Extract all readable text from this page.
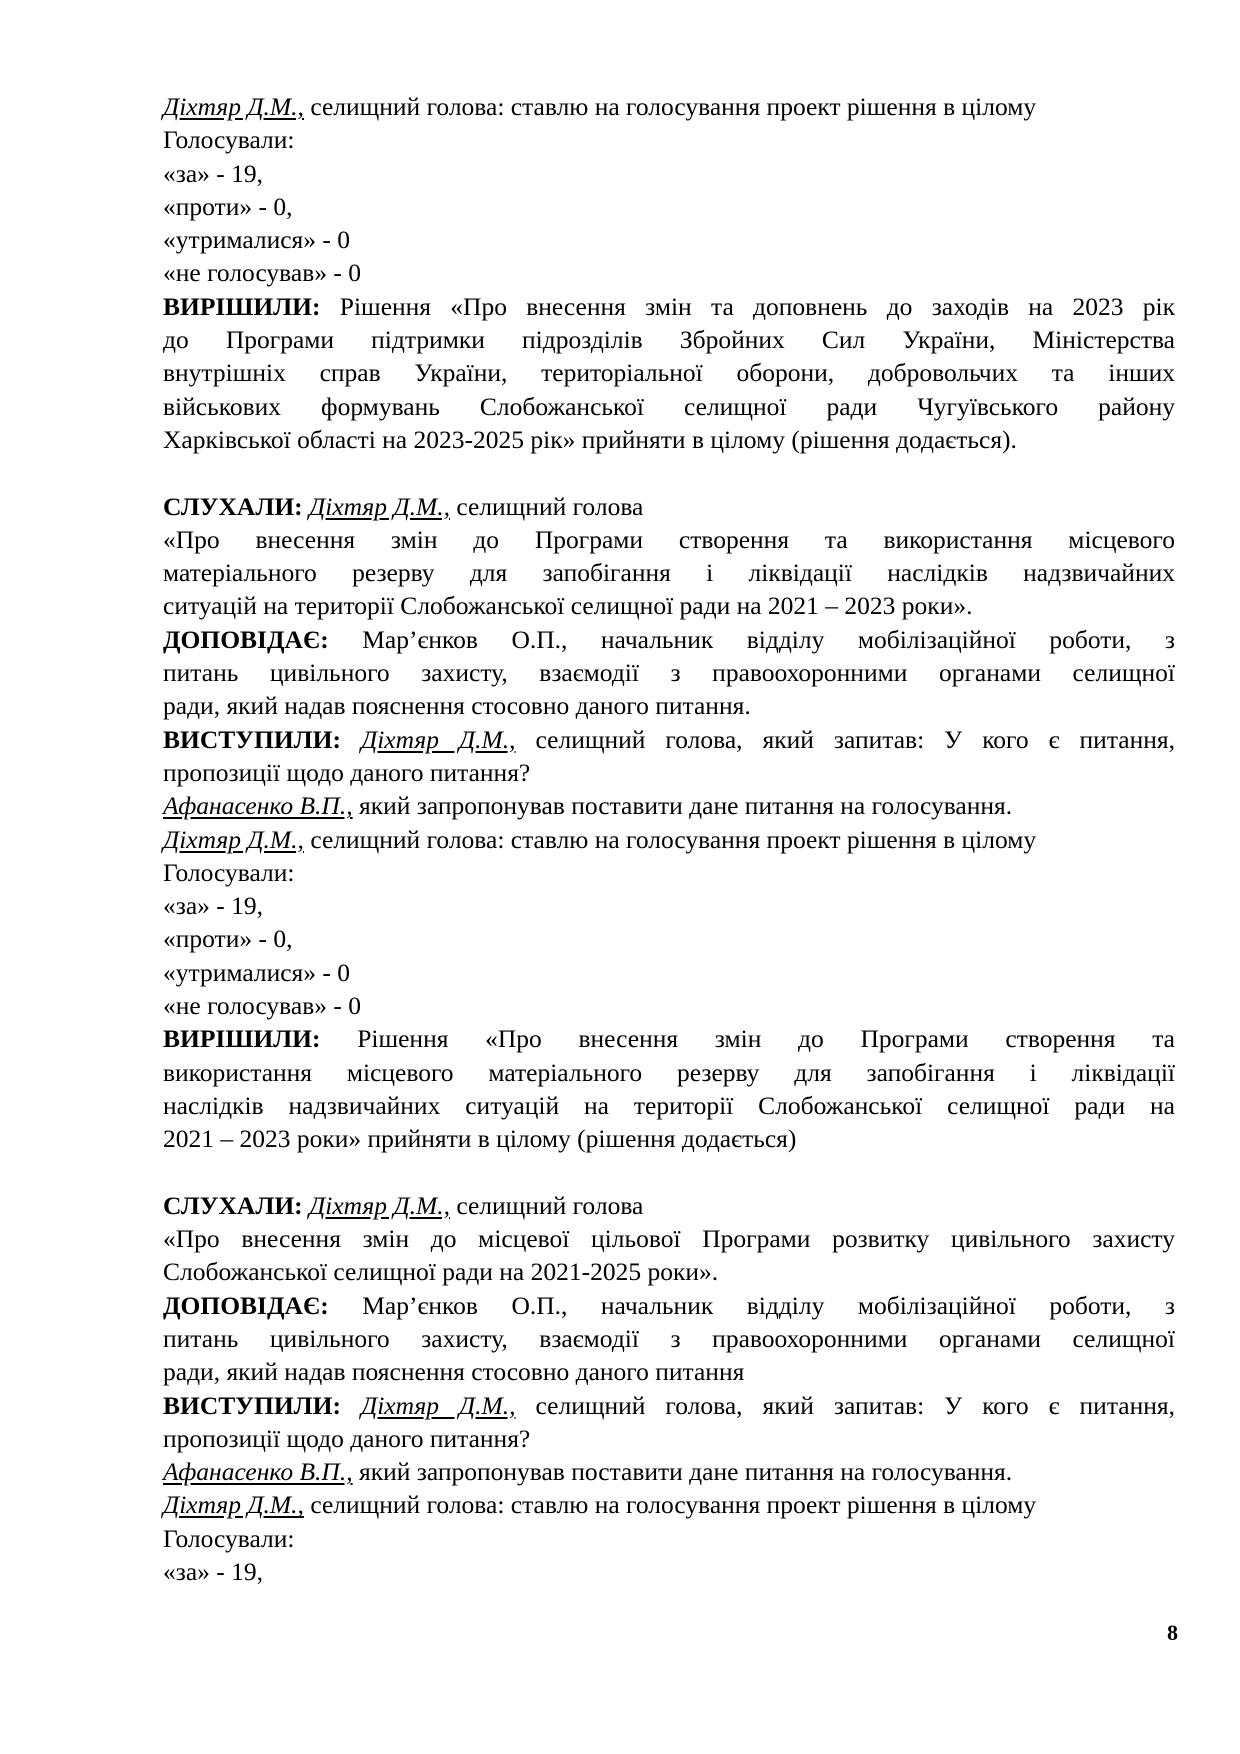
Діхтяр Д.М., селищний голова: ставлю на голосування проект рішення в цілому

Голосували:

«за» - 19,

«проти» - 0,

«утрималися» - 0

«не голосував» - 0

ВИРІШИЛИ: Рішення «Про внесення змін та доповнень до заходів на 2023 рік

до Програми підтримки підрозділів Збройних Сил України, Міністерства

внутрішніх справ України, територіальної оборони, добровольчих та інших

військових формувань Слобожанської селищної ради Чугуївського району

Харківської області на 2023-2025 рік» прийняти в цілому (рішення додається).

СЛУХАЛИ: Діхтяр Д.М., селищний голова

«Про внесення змін до Програми створення та використання місцевого

матеріального резерву для запобігання і ліквідації наслідків надзвичайних

ситуацій на території Слобожанської селищної ради на 2021 – 2023 роки».

ДОПОВІДАЄ: Мар’єнков О.П., начальник відділу мобілізаційної роботи, з

питань цивільного захисту, взаємодії з правоохоронними органами селищної

ради, який надав пояснення стосовно даного питання.

ВИСТУПИЛИ: Діхтяр Д.М., селищний голова, який запитав: У кого є питання,

пропозиції щодо даного питання?

Афанасенко В.П., який запропонував поставити дане питання на голосування.

Діхтяр Д.М., селищний голова: ставлю на голосування проект рішення в цілому

Голосували:

«за» - 19,

«проти» - 0,

«утрималися» - 0

«не голосував» - 0

ВИРІШИЛИ: Рішення «Про внесення змін до Програми створення та

використання місцевого матеріального резерву для запобігання і ліквідації

наслідків надзвичайних ситуацій на території Слобожанської селищної ради на

2021 – 2023 роки» прийняти в цілому (рішення додається)

СЛУХАЛИ: Діхтяр Д.М., селищний голова

«Про внесення змін до місцевої цільової Програми розвитку цивільного захисту

Слобожанської селищної ради на 2021-2025 роки».

ДОПОВІДАЄ: Мар’єнков О.П., начальник відділу мобілізаційної роботи, з

питань цивільного захисту, взаємодії з правоохоронними органами селищної

ради, який надав пояснення стосовно даного питання

ВИСТУПИЛИ: Діхтяр Д.М., селищний голова, який запитав: У кого є питання,

пропозиції щодо даного питання?

Афанасенко В.П., який запропонував поставити дане питання на голосування.

Діхтяр Д.М., селищний голова: ставлю на голосування проект рішення в цілому

Голосували:

«за» - 19,

8
